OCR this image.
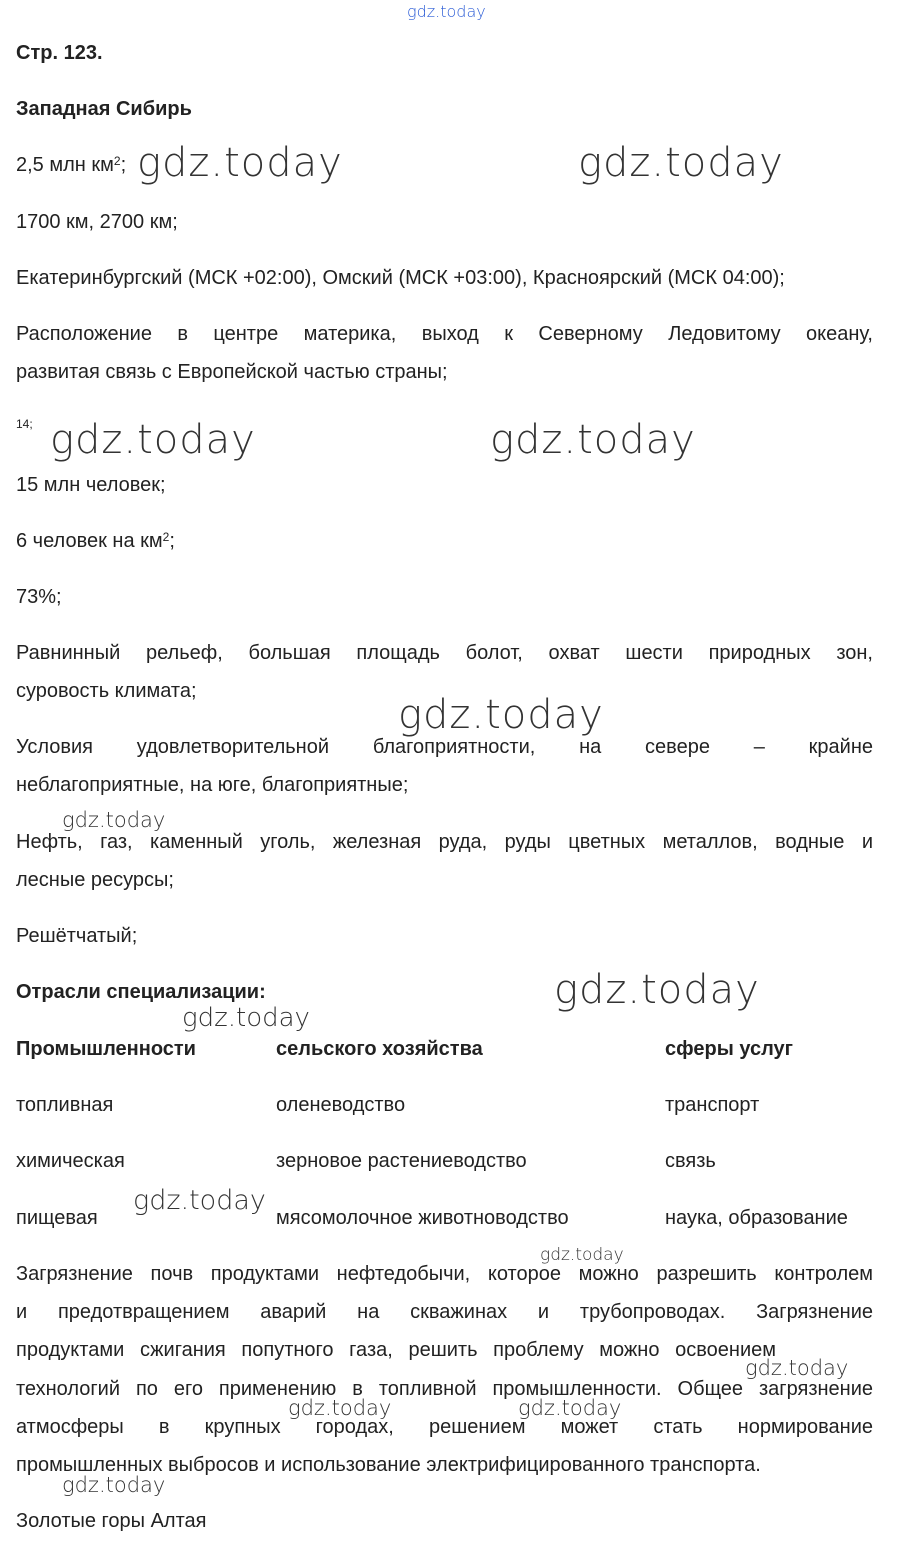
gdz.today
Стр. 123.
Западная Сибирь
2,5 млн $км^2$; gdz.today	gdz.today
1700 км, 2700 км;
Екатеринбургский (МСК +02:00), Омский (МСК +03:00), Красноярский (МСК 04:00);
Расположение в центре материка, выход к Северному Ледовитому океану,
развитая связь с Европейской частью страны;
$^{14;}$ gdz.today	gdz.today
15 млн человек;
6 человек на $км^2$;
73%;
Равнинный рельеф, большая площадь болот, охват шести природных зон,
суровость климата;
gdz.today
Условия удовлетворительной благоприятности, на севере – крайне
неблагоприятные, на юге, благоприятные;
gdz.today
Нефть, газ, каменный уголь, железная руда, руды цветных металлов, водные и
лесные ресурсы;
Решётчатый;
Отрасли специализации:	gdz.today
gdz.today
Промышленности	сельского хозяйства	сферы услуг
топливная	оленеводство	транспорт
химическая	зерновое растениеводство	связь
пищевая	мясомолочное животноводство	наука, образование
gdz.today
gdz.today
Загрязнение почв продуктами нефтедобычи, которое можно разрешить контролем
и предотвращением аварий на скважинах и трубопроводах. Загрязнение
продуктами сжигания попутного газа, решить проблему можно освоением
gdz.today
технологий по его применению в топливной промышленности. Общее загрязнение
gdz.today	gdz.today
атмосферы в крупных городах, решением может стать нормирование
промышленных выбросов и использование электрифицированного транспорта.
gdz.today
Золотые горы Алтая
